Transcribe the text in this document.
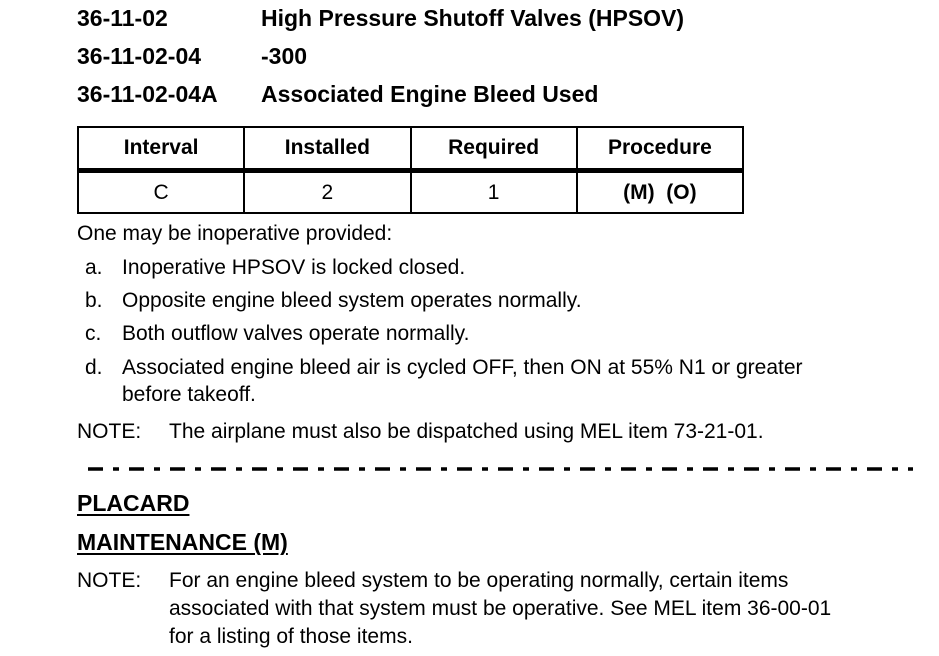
36-11-02	High Pressure Shutoff Valves (HPSOV)
36-11-02-04	-300
36-11-02-04A Associated Engine Bleed Used
Interval	Installed	Required	Procedure
C	2	1	(M)  (O)
One may be inoperative provided:
a. Inoperative HPSOV is locked closed.
b. Opposite engine bleed system operates normally.
c. Both outflow valves operate normally.
d. Associated engine bleed air is cycled OFF, then ON at 55% N1 or greater
before takeoff.
NOTE: The airplane must also be dispatched using MEL item 73-21-01.
PLACARD
MAINTENANCE (M)
NOTE: For an engine bleed system to be operating normally, certain items
associated with that system must be operative. See MEL item 36-00-01
for a listing of those items.
